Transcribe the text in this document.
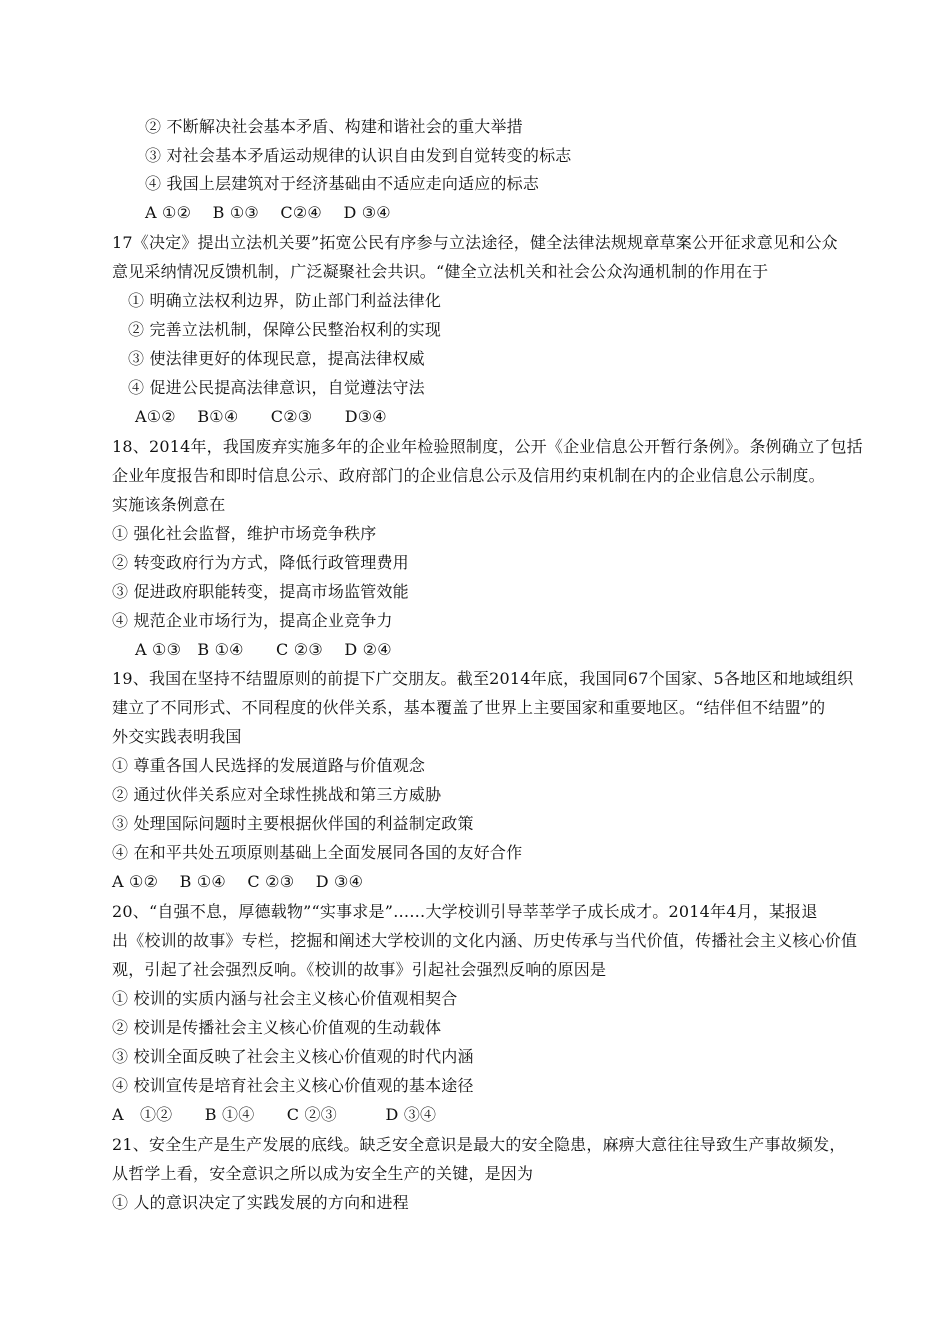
② 不断解决社会基本矛盾、构建和谐社会的重大举措
③ 对社会基本矛盾运动规律的认识自由发到自觉转变的标志
④ 我国上层建筑对于经济基础由不适应走向适应的标志
A ①②　 B ①③　 C②④　 D ③④
17《决定》提出立法机关要”拓宽公民有序参与立法途径，健全法律法规规章草案公开征求意见和公众
意见采纳情况反馈机制，广泛凝聚社会共识。“健全立法机关和社会公众沟通机制的作用在于
① 明确立法权利边界，防止部门利益法律化
② 完善立法机制，保障公民整治权利的实现
③ 使法律更好的体现民意，提高法律权威
④ 促进公民提高法律意识，自觉遵法守法
A①②　 B①④　　C②③　　D③④
18、2014年，我国废弃实施多年的企业年检验照制度，公开《企业信息公开暂行条例》。条例确立了包括
企业年度报告和即时信息公示、政府部门的企业信息公示及信用约束机制在内的企业信息公示制度。
实施该条例意在
① 强化社会监督，维护市场竞争秩序
② 转变政府行为方式，降低行政管理费用
③ 促进政府职能转变，提高市场监管效能
④ 规范企业市场行为，提高企业竞争力
A ①③　B ①④　　C ②③　 D ②④
19、我国在坚持不结盟原则的前提下广交朋友。截至2014年底，我国同67个国家、5各地区和地域组织
建立了不同形式、不同程度的伙伴关系，基本覆盖了世界上主要国家和重要地区。“结伴但不结盟”的
外交实践表明我国
① 尊重各国人民选择的发展道路与价值观念
② 通过伙伴关系应对全球性挑战和第三方威胁
③ 处理国际问题时主要根据伙伴国的利益制定政策
④ 在和平共处五项原则基础上全面发展同各国的友好合作
A ①②　 B ①④　 C ②③　 D ③④
20、“自强不息，厚德载物”“实事求是”……大学校训引导莘莘学子成长成才。2014年4月，某报退
出《校训的故事》专栏，挖掘和阐述大学校训的文化内涵、历史传承与当代价值，传播社会主义核心价值
观，引起了社会强烈反响。《校训的故事》引起社会强烈反响的原因是
① 校训的实质内涵与社会主义核心价值观相契合
② 校训是传播社会主义核心价值观的生动载体
③ 校训全面反映了社会主义核心价值观的时代内涵
④ 校训宣传是培育社会主义核心价值观的基本途径
A　①②　　B ①④　　C ②③　　　D ③④
21、安全生产是生产发展的底线。缺乏安全意识是最大的安全隐患，麻痹大意往往导致生产事故频发，
从哲学上看，安全意识之所以成为安全生产的关键，是因为
① 人的意识决定了实践发展的方向和进程
